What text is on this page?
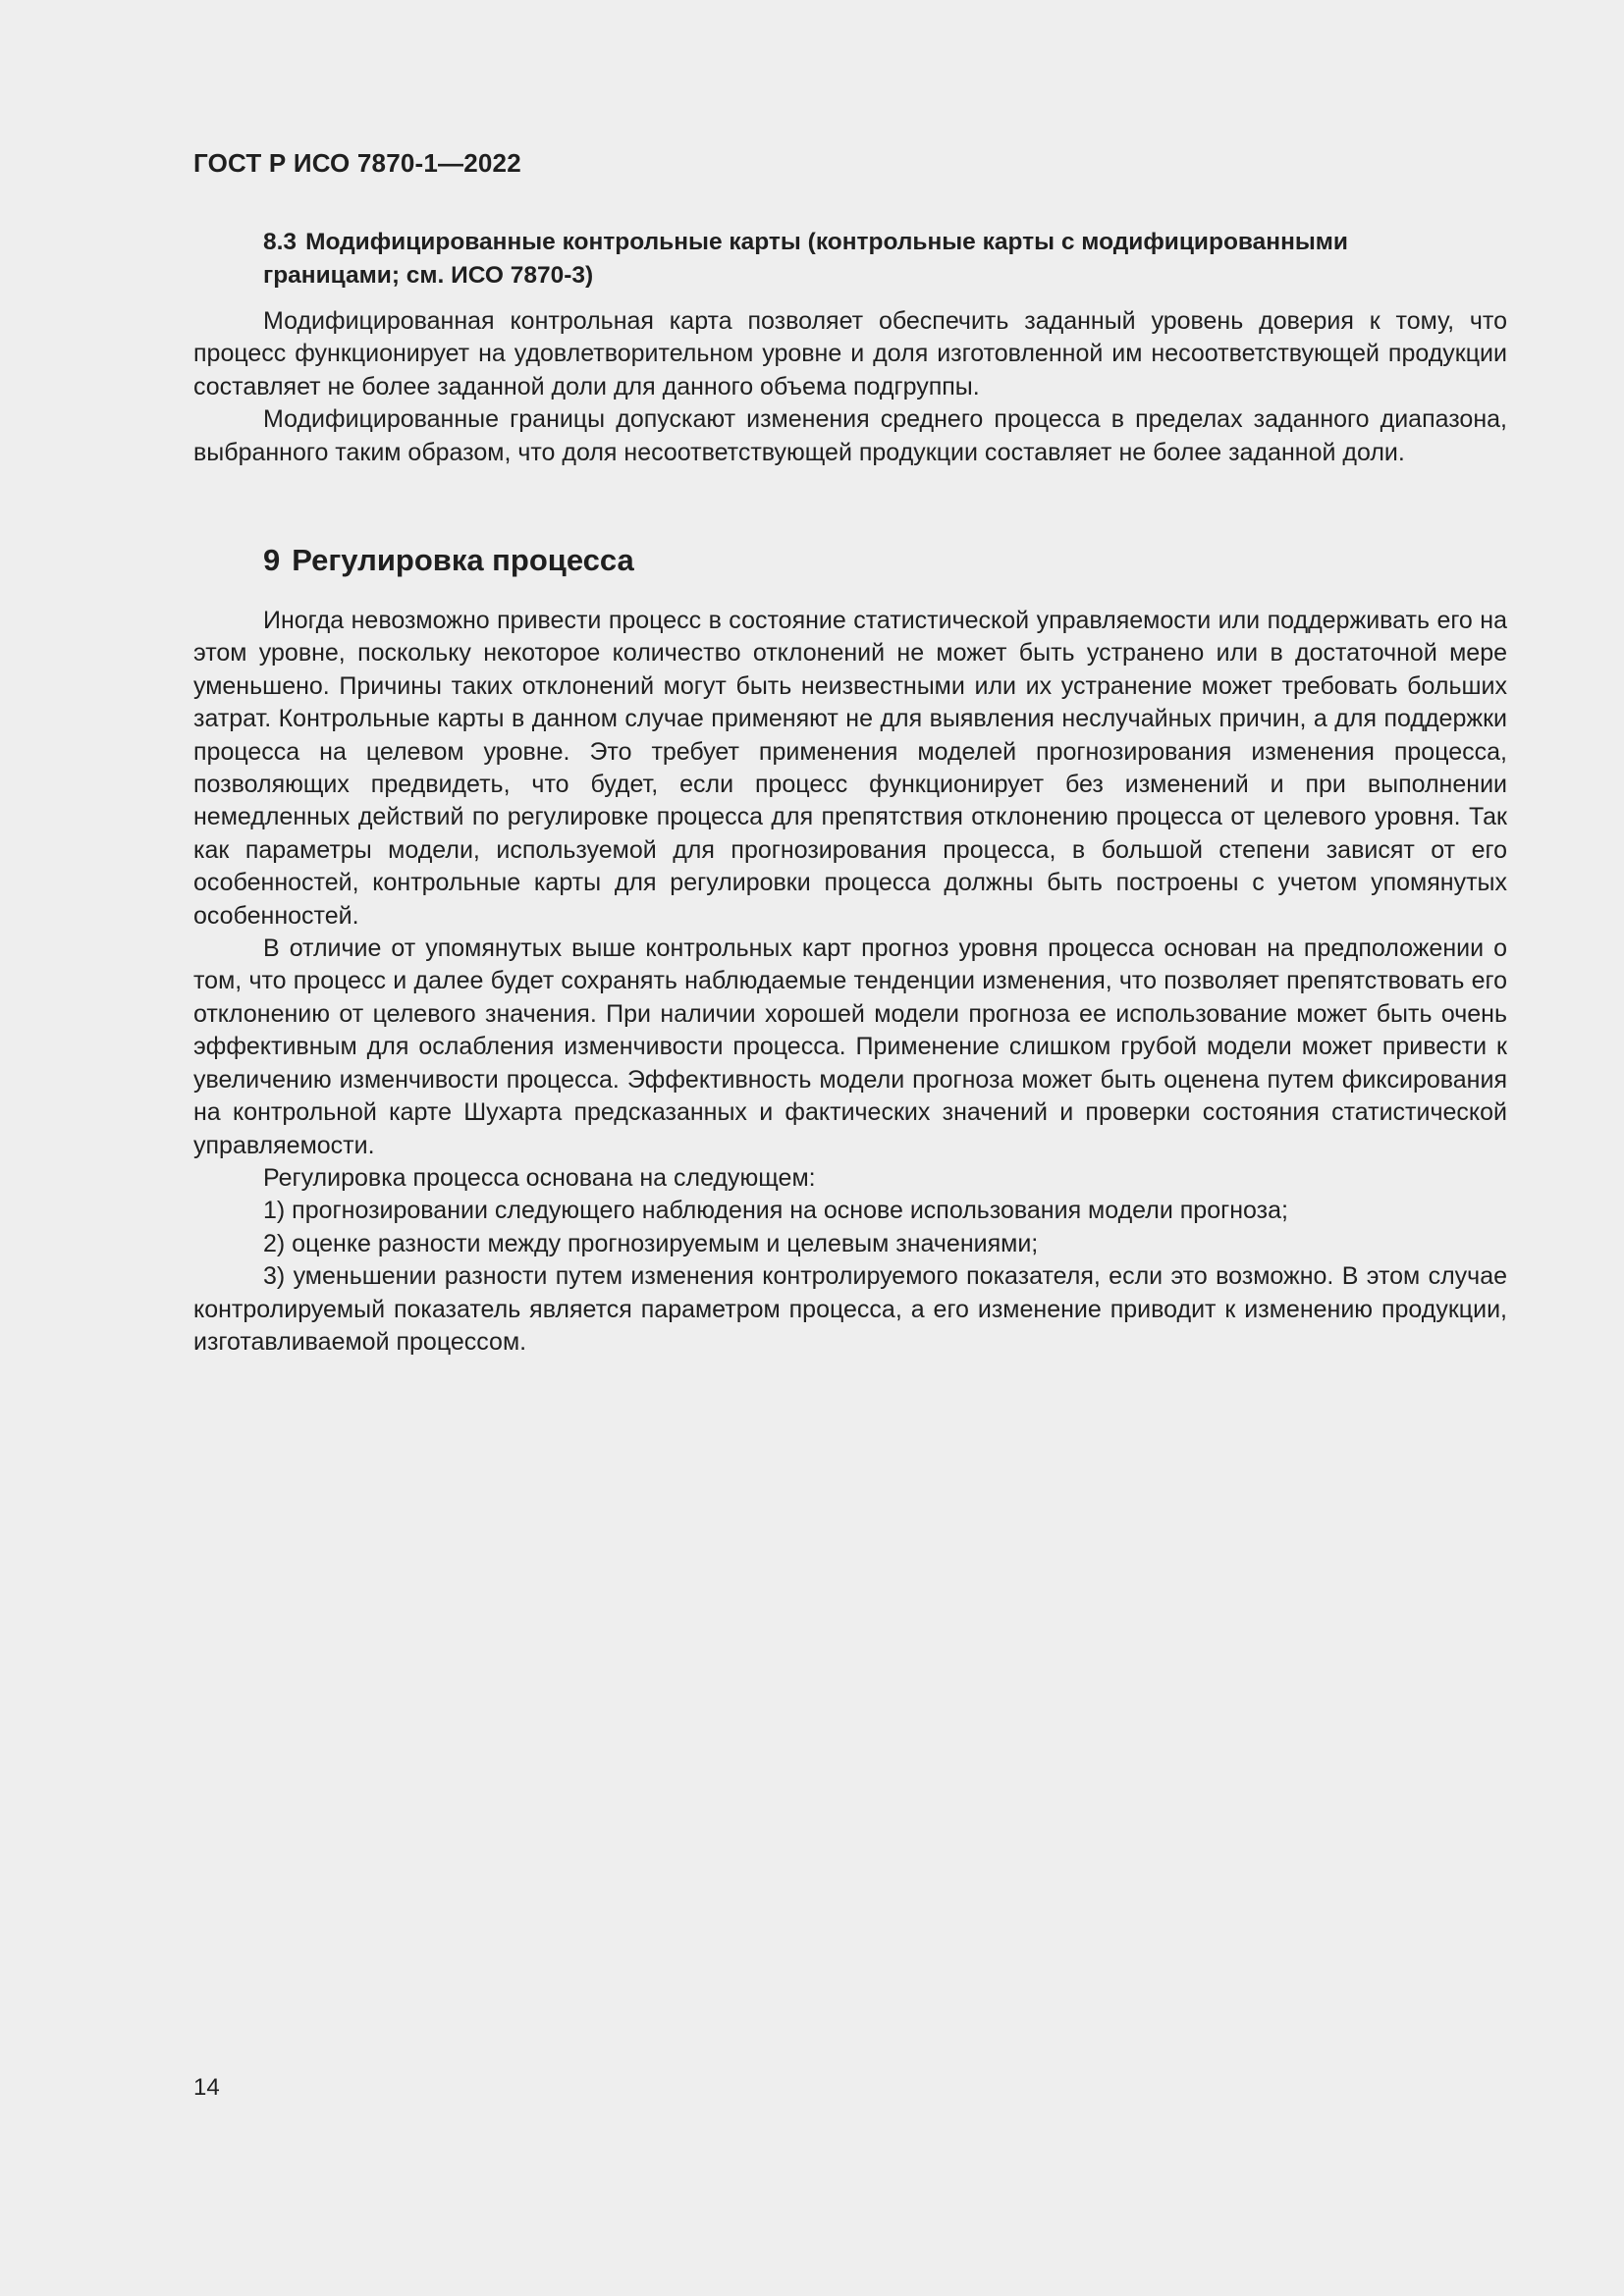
ГОСТ Р ИСО 7870-1—2022
8.3 Модифицированные контрольные карты (контрольные карты с модифицированными
границами; см. ИСО 7870-3)

Модифицированная контрольная карта позволяет обеспечить заданный уровень доверия к тому, что процесс функционирует на удовлетворительном уровне и доля изготовленной им несоответствующей продукции составляет не более заданной доли для данного объема подгруппы.

Модифицированные границы допускают изменения среднего процесса в пределах заданного диапазона, выбранного таким образом, что доля несоответствующей продукции составляет не более заданной доли.

9 Регулировка процесса

Иногда невозможно привести процесс в состояние статистической управляемости или поддерживать его на этом уровне, поскольку некоторое количество отклонений не может быть устранено или в достаточной мере уменьшено. Причины таких отклонений могут быть неизвестными или их устранение может требовать больших затрат. Контрольные карты в данном случае применяют не для выявления неслучайных причин, а для поддержки процесса на целевом уровне. Это требует применения моделей прогнозирования изменения процесса, позволяющих предвидеть, что будет, если процесс функционирует без изменений и при выполнении немедленных действий по регулировке процесса для препятствия отклонению процесса от целевого уровня. Так как параметры модели, используемой для прогнозирования процесса, в большой степени зависят от его особенностей, контрольные карты для регулировки процесса должны быть построены с учетом упомянутых особенностей.

В отличие от упомянутых выше контрольных карт прогноз уровня процесса основан на предположении о том, что процесс и далее будет сохранять наблюдаемые тенденции изменения, что позволяет препятствовать его отклонению от целевого значения. При наличии хорошей модели прогноза ее использование может быть очень эффективным для ослабления изменчивости процесса. Применение слишком грубой модели может привести к увеличению изменчивости процесса. Эффективность модели прогноза может быть оценена путем фиксирования на контрольной карте Шухарта предсказанных и фактических значений и проверки состояния статистической управляемости.

Регулировка процесса основана на следующем:

1) прогнозировании следующего наблюдения на основе использования модели прогноза;

2) оценке разности между прогнозируемым и целевым значениями;

3) уменьшении разности путем изменения контролируемого показателя, если это возможно. В этом случае контролируемый показатель является параметром процесса, а его изменение приводит к изменению продукции, изготавливаемой процессом.

14
